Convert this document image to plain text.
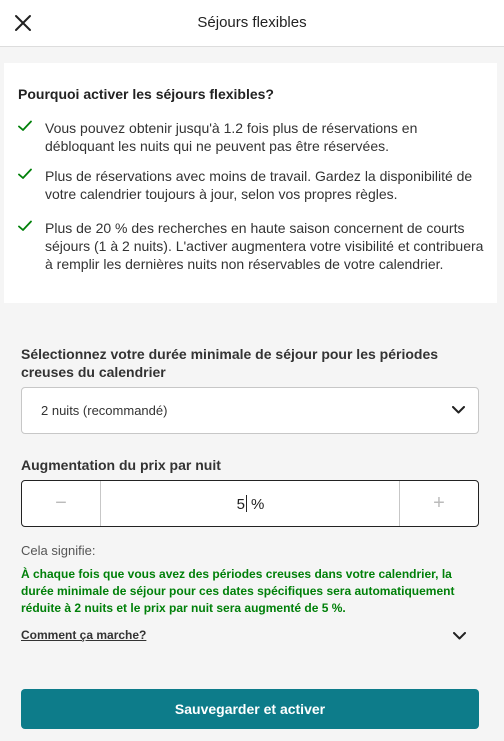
Séjours flexibles
Pourquoi activer les séjours flexibles?
Vous pouvez obtenir jusqu'à 1.2 fois plus de réservations en débloquant les nuits qui ne peuvent pas être réservées.
Plus de réservations avec moins de travail. Gardez la disponibilité de votre calendrier toujours à jour, selon vos propres règles.
Plus de 20 % des recherches en haute saison concernent de courts séjours (1 à 2 nuits). L'activer augmentera votre visibilité et contribuera à remplir les dernières nuits non réservables de votre calendrier.
Sélectionnez votre durée minimale de séjour pour les périodes creuses du calendrier
2 nuits (recommandé)
Augmentation du prix par nuit
−	5 %	+
Cela signifie:
À chaque fois que vous avez des périodes creuses dans votre calendrier, la durée minimale de séjour pour ces dates spécifiques sera automatiquement réduite à 2 nuits et le prix par nuit sera augmenté de 5 %.
Comment ça marche?
Sauvegarder et activer
